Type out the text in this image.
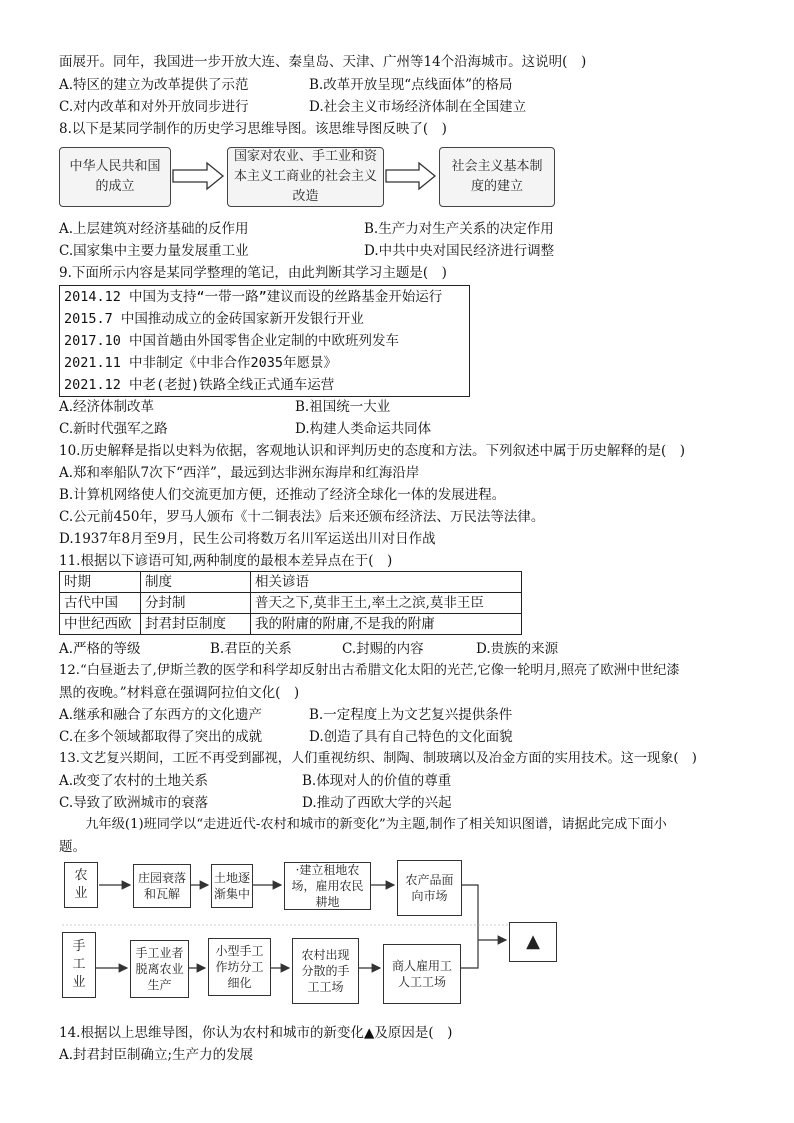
面展开。同年，我国进一步开放大连、秦皇岛、天津、广州等14个沿海城市。这说明(　)
A.特区的建立为改革提供了示范	B.改革开放呈现“点线面体”的格局
C.对内改革和对外开放同步进行	D.社会主义市场经济体制在全国建立
8.以下是某同学制作的历史学习思维导图。该思维导图反映了(　)
中华人民共和国的成立
国家对农业、手工业和资本主义工商业的社会主义改造
社会主义基本制度的建立
A.上层建筑对经济基础的反作用	B.生产力对生产关系的决定作用
C.国家集中主要力量发展重工业	D.中共中央对国民经济进行调整
9.下面所示内容是某同学整理的笔记，由此判断其学习主题是(　)
2014.12 中国为支持“一带一路”建议而设的丝路基金开始运行
2015.7 中国推动成立的金砖国家新开发银行开业
2017.10 中国首趟由外国零售企业定制的中欧班列发车
2021.11 中非制定《中非合作2035年愿景》
2021.12 中老(老挝)铁路全线正式通车运营
A.经济体制改革	B.祖国统一大业
C.新时代强军之路	D.构建人类命运共同体
10.历史解释是指以史料为依据，客观地认识和评判历史的态度和方法。下列叙述中属于历史解释的是(　)
A.郑和率船队7次下“西洋”，最远到达非洲东海岸和红海沿岸
B.计算机网络使人们交流更加方便，还推动了经济全球化一体的发展进程。
C.公元前450年，罗马人颁布《十二铜表法》后来还颁布经济法、万民法等法律。
D.1937年8月至9月，民生公司将数万名川军运送出川对日作战
11.根据以下谚语可知,两种制度的最根本差异点在于(　)
时期	制度	相关谚语
古代中国	分封制	普天之下,莫非王土,率土之滨,莫非王臣
中世纪西欧	封君封臣制度	我的附庸的附庸,不是我的附庸
A.严格的等级	B.君臣的关系	C.封赐的内容	D.贵族的来源
12.“白昼逝去了,伊斯兰教的医学和科学却反射出古希腊文化太阳的光芒,它像一轮明月,照亮了欧洲中世纪漆
黑的夜晚。”材料意在强调阿拉伯文化(　)
A.继承和融合了东西方的文化遗产	B.一定程度上为文艺复兴提供条件
C.在多个领域都取得了突出的成就	D.创造了具有自己特色的文化面貌
13.文艺复兴期间，工匠不再受到鄙视，人们重视纺织、制陶、制玻璃以及冶金方面的实用技术。这一现象(　)
A.改变了农村的土地关系	B.体现对人的价值的尊重
C.导致了欧洲城市的衰落	D.推动了西欧大学的兴起
　　九年级(1)班同学以“走进近代-农村和城市的新变化”为主题,制作了相关知识图谱，请据此完成下面小
题。
农业
庄园衰落和瓦解
土地逐渐集中
·建立租地农场，雇用农民耕地
农产品面向市场
手工业
手工业者脱离农业生产
小型手工作坊分工细化
农村出现分散的手工工场
商人雇用工人工工场
▲
14.根据以上思维导图，你认为农村和城市的新变化▲及原因是(　)
A.封君封臣制确立;生产力的发展
